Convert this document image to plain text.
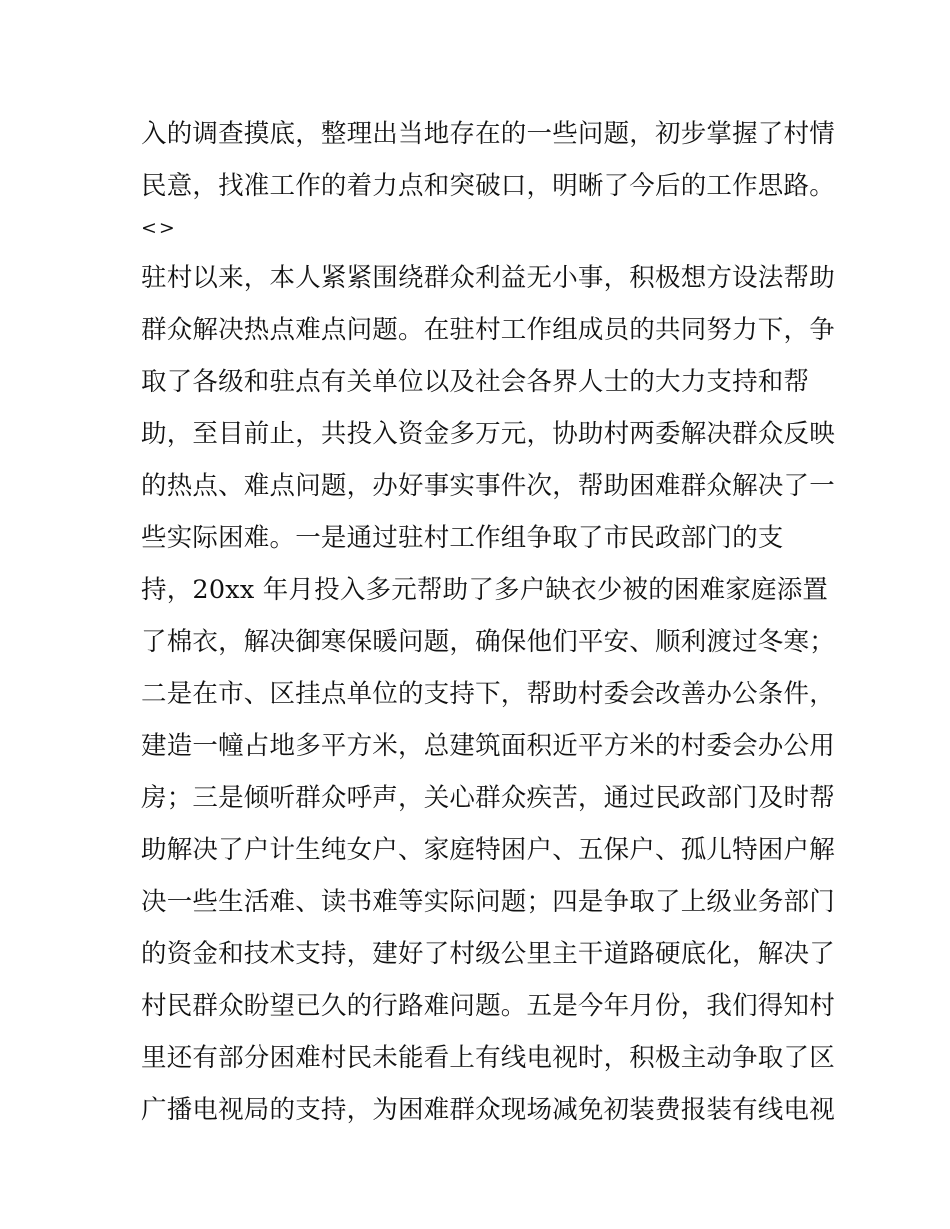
入的调查摸底，整理出当地存在的一些问题，初步掌握了村情
民意，找准工作的着力点和突破口，明晰了今后的工作思路。
<>
驻村以来，本人紧紧围绕群众利益无小事，积极想方设法帮助
群众解决热点难点问题。在驻村工作组成员的共同努力下，争
取了各级和驻点有关单位以及社会各界人士的大力支持和帮
助，至目前止，共投入资金多万元，协助村两委解决群众反映
的热点、难点问题，办好事实事件次，帮助困难群众解决了一
些实际困难。一是通过驻村工作组争取了市民政部门的支
持，20xx 年月投入多元帮助了多户缺衣少被的困难家庭添置
了棉衣，解决御寒保暖问题，确保他们平安、顺利渡过冬寒；
二是在市、区挂点单位的支持下，帮助村委会改善办公条件，
建造一幢占地多平方米，总建筑面积近平方米的村委会办公用
房；三是倾听群众呼声，关心群众疾苦，通过民政部门及时帮
助解决了户计生纯女户、家庭特困户、五保户、孤儿特困户解
决一些生活难、读书难等实际问题；四是争取了上级业务部门
的资金和技术支持，建好了村级公里主干道路硬底化，解决了
村民群众盼望已久的行路难问题。五是今年月份，我们得知村
里还有部分困难村民未能看上有线电视时，积极主动争取了区
广播电视局的支持，为困难群众现场减免初装费报装有线电视
